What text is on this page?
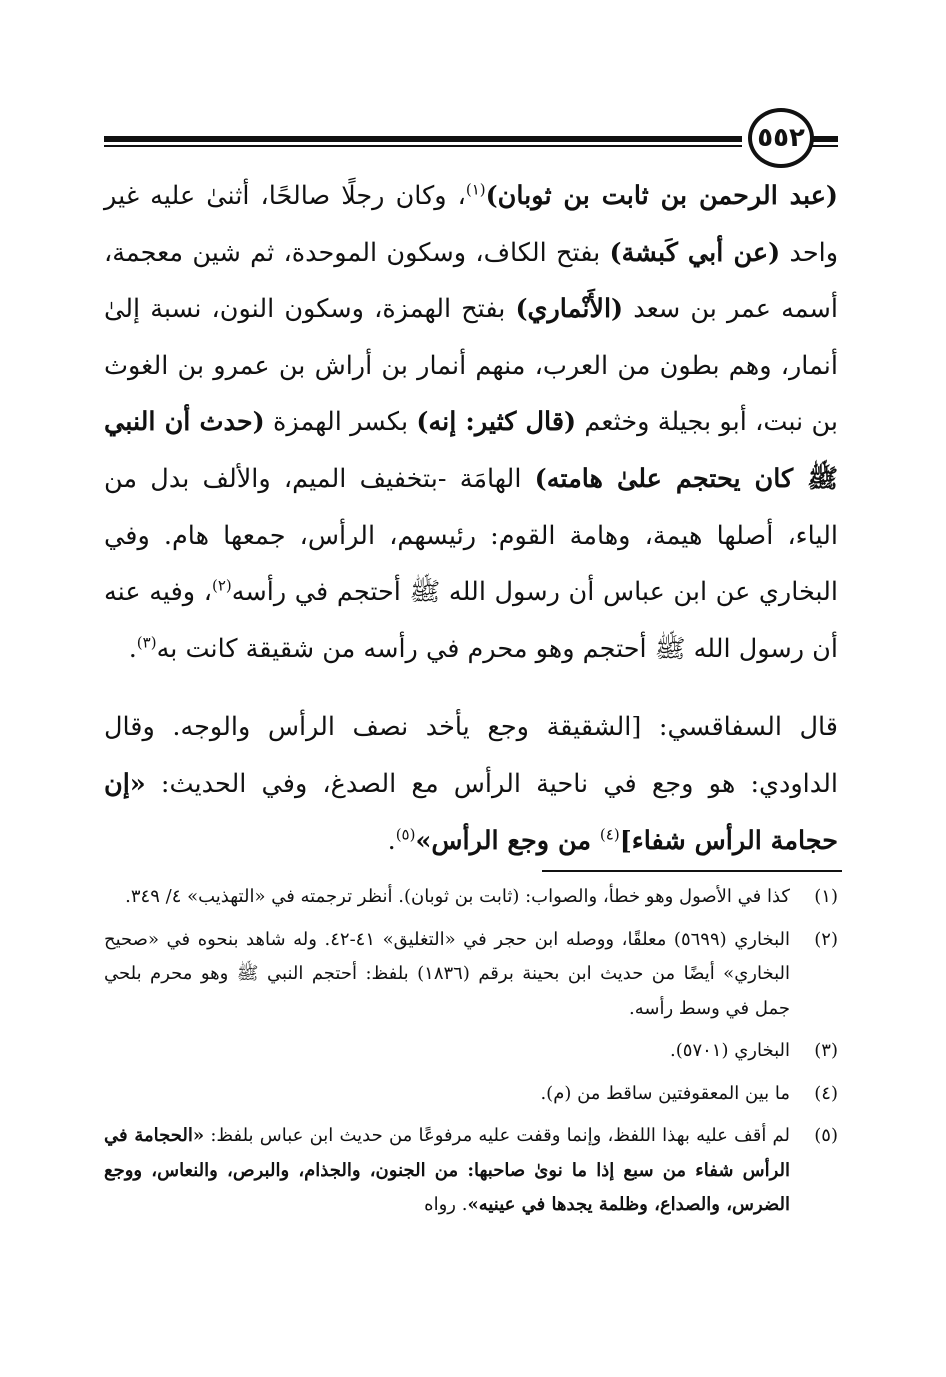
٥٥٢

(عبد الرحمن بن ثابت بن ثوبان)$^{(١)}$، وكان رجلًا صالحًا، أثنىٰ عليه غير واحد (عن أبي كَبشة) بفتح الكاف، وسكون الموحدة، ثم شين معجمة، أسمه عمر بن سعد (الأَنْماري) بفتح الهمزة، وسكون النون، نسبة إلىٰ أنمار، وهم بطون من العرب، منهم أنمار بن أراش بن عمرو بن الغوث بن نبت، أبو بجيلة وخثعم (قال كثير: إنه) بكسر الهمزة (حدث أن النبي ﷺ كان يحتجم علىٰ هامته) الهامَة -بتخفيف الميم، والألف بدل من الياء، أصلها هيمة، وهامة القوم: رئيسهم، الرأس، جمعها هام. وفي البخاري عن ابن عباس أن رسول الله ﷺ أحتجم في رأسه$^{(٢)}$، وفيه عنه أن رسول الله ﷺ أحتجم وهو محرم في رأسه من شقيقة كانت به$^{(٣)}$.

قال السفاقسي: [الشقيقة وجع يأخد نصف الرأس والوجه. وقال الداودي: هو وجع في ناحية الرأس مع الصدغ، وفي الحديث: «إن حجامة الرأس شفاء]$^{(٤)}$ من وجع الرأس»$^{(٥)}$.

(١)
كذا في الأصول وهو خطأ، والصواب: (ثابت بن ثوبان). أنظر ترجمته في «التهذيب» ٤/ ٣٤٩.
(٢)
البخاري (٥٦٩٩) معلقًا، ووصله ابن حجر في «التغليق» ٤١-٤٢. وله شاهد بنحوه في «صحيح البخاري» أيضًا من حديث ابن بحينة برقم (١٨٣٦) بلفظ: أحتجم النبي ﷺ وهو محرم بلحي جمل في وسط رأسه.
(٣)
البخاري (٥٧٠١).
(٤)
ما بين المعقوفتين ساقط من (م).
(٥)
لم أقف عليه بهذا اللفظ، وإنما وقفت عليه مرفوعًا من حديث ابن عباس بلفظ: «الحجامة في الرأس شفاء من سبع إذا ما نوىٰ صاحبها: من الجنون، والجذام، والبرص، والنعاس، ووجع الضرس، والصداع، وظلمة يجدها في عينيه». رواه
